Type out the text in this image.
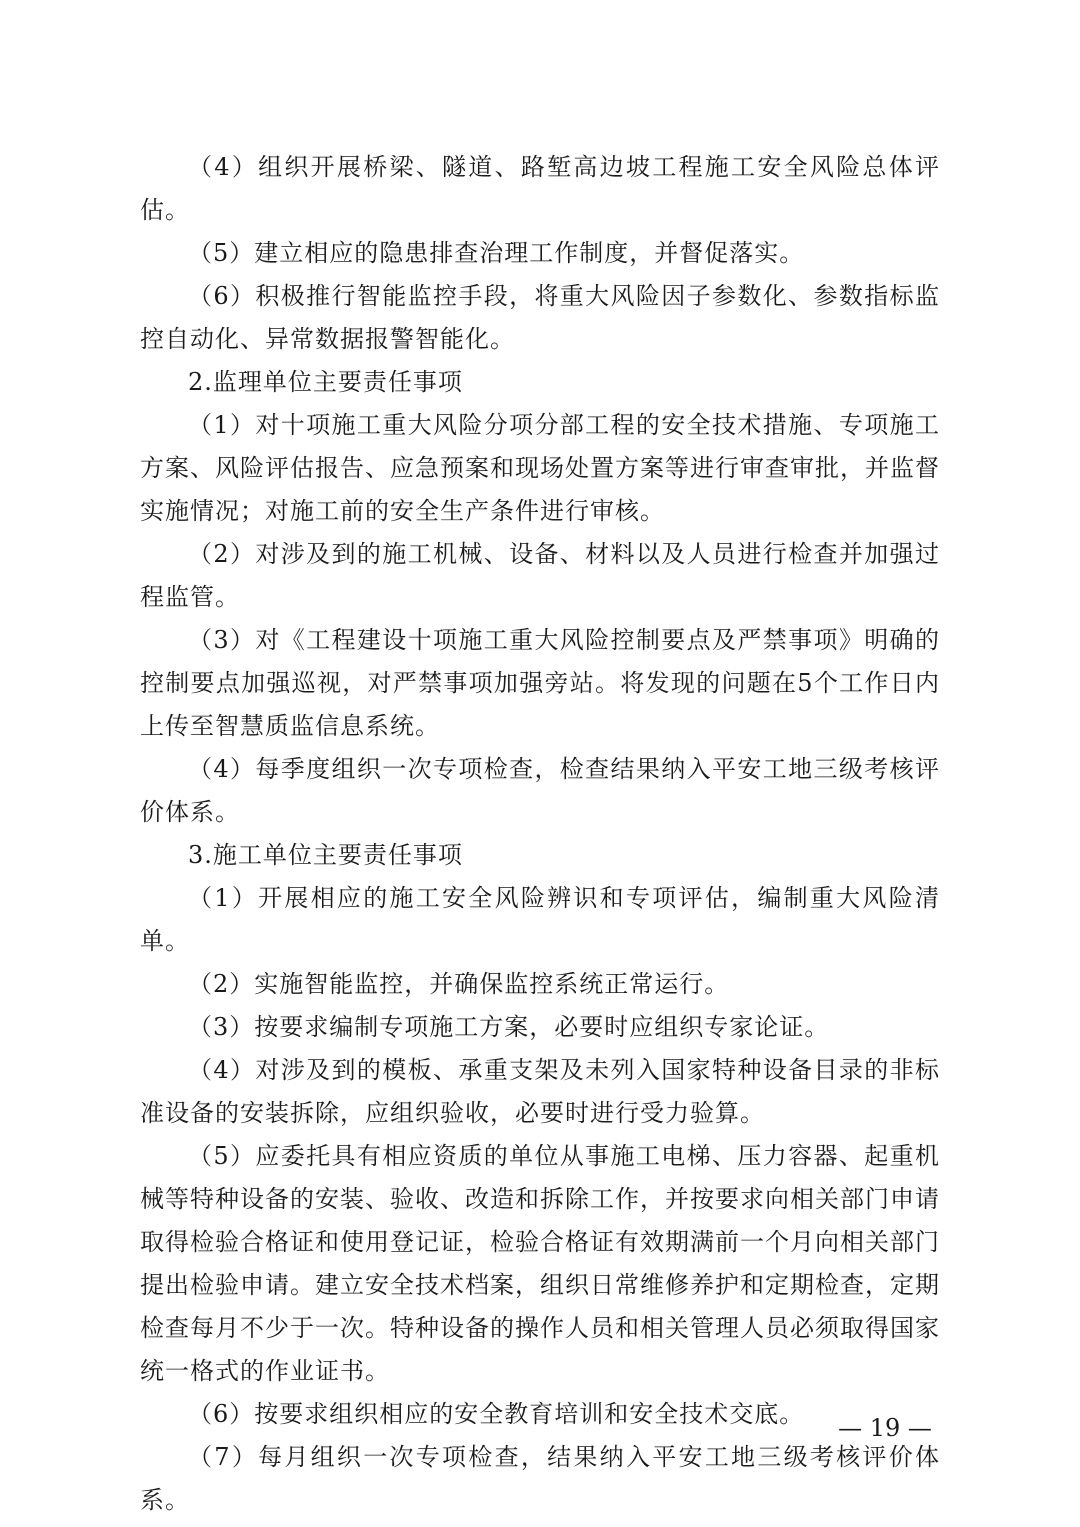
（4）组织开展桥梁、隧道、路堑高边坡工程施工安全风险总体评估。

（5）建立相应的隐患排查治理工作制度，并督促落实。

（6）积极推行智能监控手段，将重大风险因子参数化、参数指标监控自动化、异常数据报警智能化。

2.监理单位主要责任事项

（1）对十项施工重大风险分项分部工程的安全技术措施、专项施工方案、风险评估报告、应急预案和现场处置方案等进行审查审批，并监督实施情况；对施工前的安全生产条件进行审核。

（2）对涉及到的施工机械、设备、材料以及人员进行检查并加强过程监管。

（3）对《工程建设十项施工重大风险控制要点及严禁事项》明确的控制要点加强巡视，对严禁事项加强旁站。将发现的问题在5个工作日内上传至智慧质监信息系统。

（4）每季度组织一次专项检查，检查结果纳入平安工地三级考核评价体系。

3.施工单位主要责任事项

（1）开展相应的施工安全风险辨识和专项评估，编制重大风险清单。

（2）实施智能监控，并确保监控系统正常运行。

（3）按要求编制专项施工方案，必要时应组织专家论证。

（4）对涉及到的模板、承重支架及未列入国家特种设备目录的非标准设备的安装拆除，应组织验收，必要时进行受力验算。

（5）应委托具有相应资质的单位从事施工电梯、压力容器、起重机械等特种设备的安装、验收、改造和拆除工作，并按要求向相关部门申请取得检验合格证和使用登记证，检验合格证有效期满前一个月向相关部门提出检验申请。建立安全技术档案，组织日常维修养护和定期检查，定期检查每月不少于一次。特种设备的操作人员和相关管理人员必须取得国家统一格式的作业证书。

（6）按要求组织相应的安全教育培训和安全技术交底。

（7）每月组织一次专项检查，结果纳入平安工地三级考核评价体系。

— 19 —
